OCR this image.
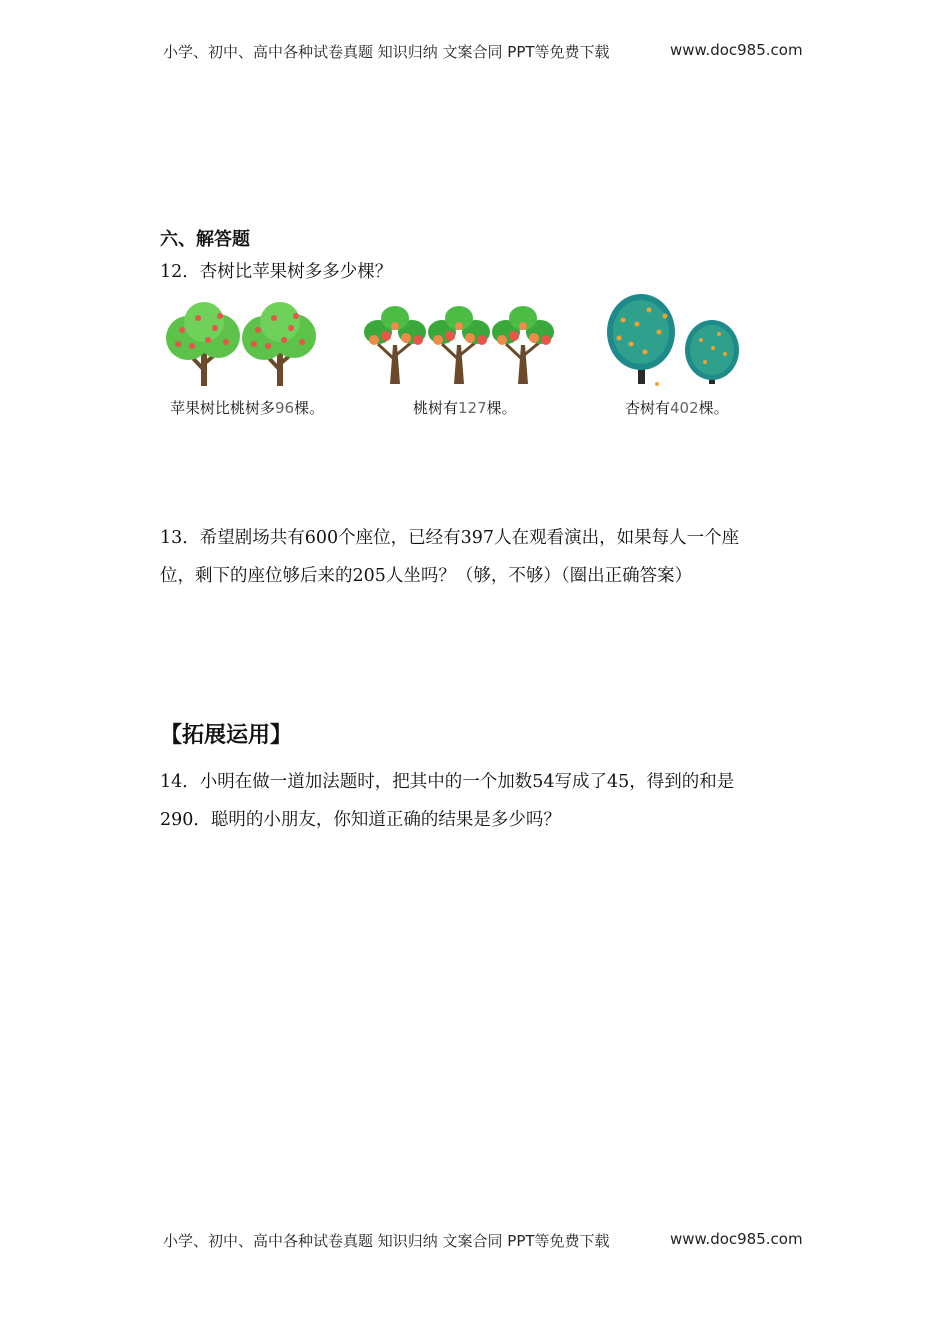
小学、初中、高中各种试卷真题 知识归纳 文案合同 PPT等免费下载	www.doc985.com
六、解答题
12．杏树比苹果树多多少棵？
苹果树比桃树多96棵。	桃树有127棵。	杏树有402棵。
13．希望剧场共有600个座位，已经有397人在观看演出，如果每人一个座
位，剩下的座位够后来的205人坐吗？（够，不够）（圈出正确答案）
【拓展运用】
14．小明在做一道加法题时，把其中的一个加数54写成了45，得到的和是
290．聪明的小朋友，你知道正确的结果是多少吗？
小学、初中、高中各种试卷真题 知识归纳 文案合同 PPT等免费下载	www.doc985.com
